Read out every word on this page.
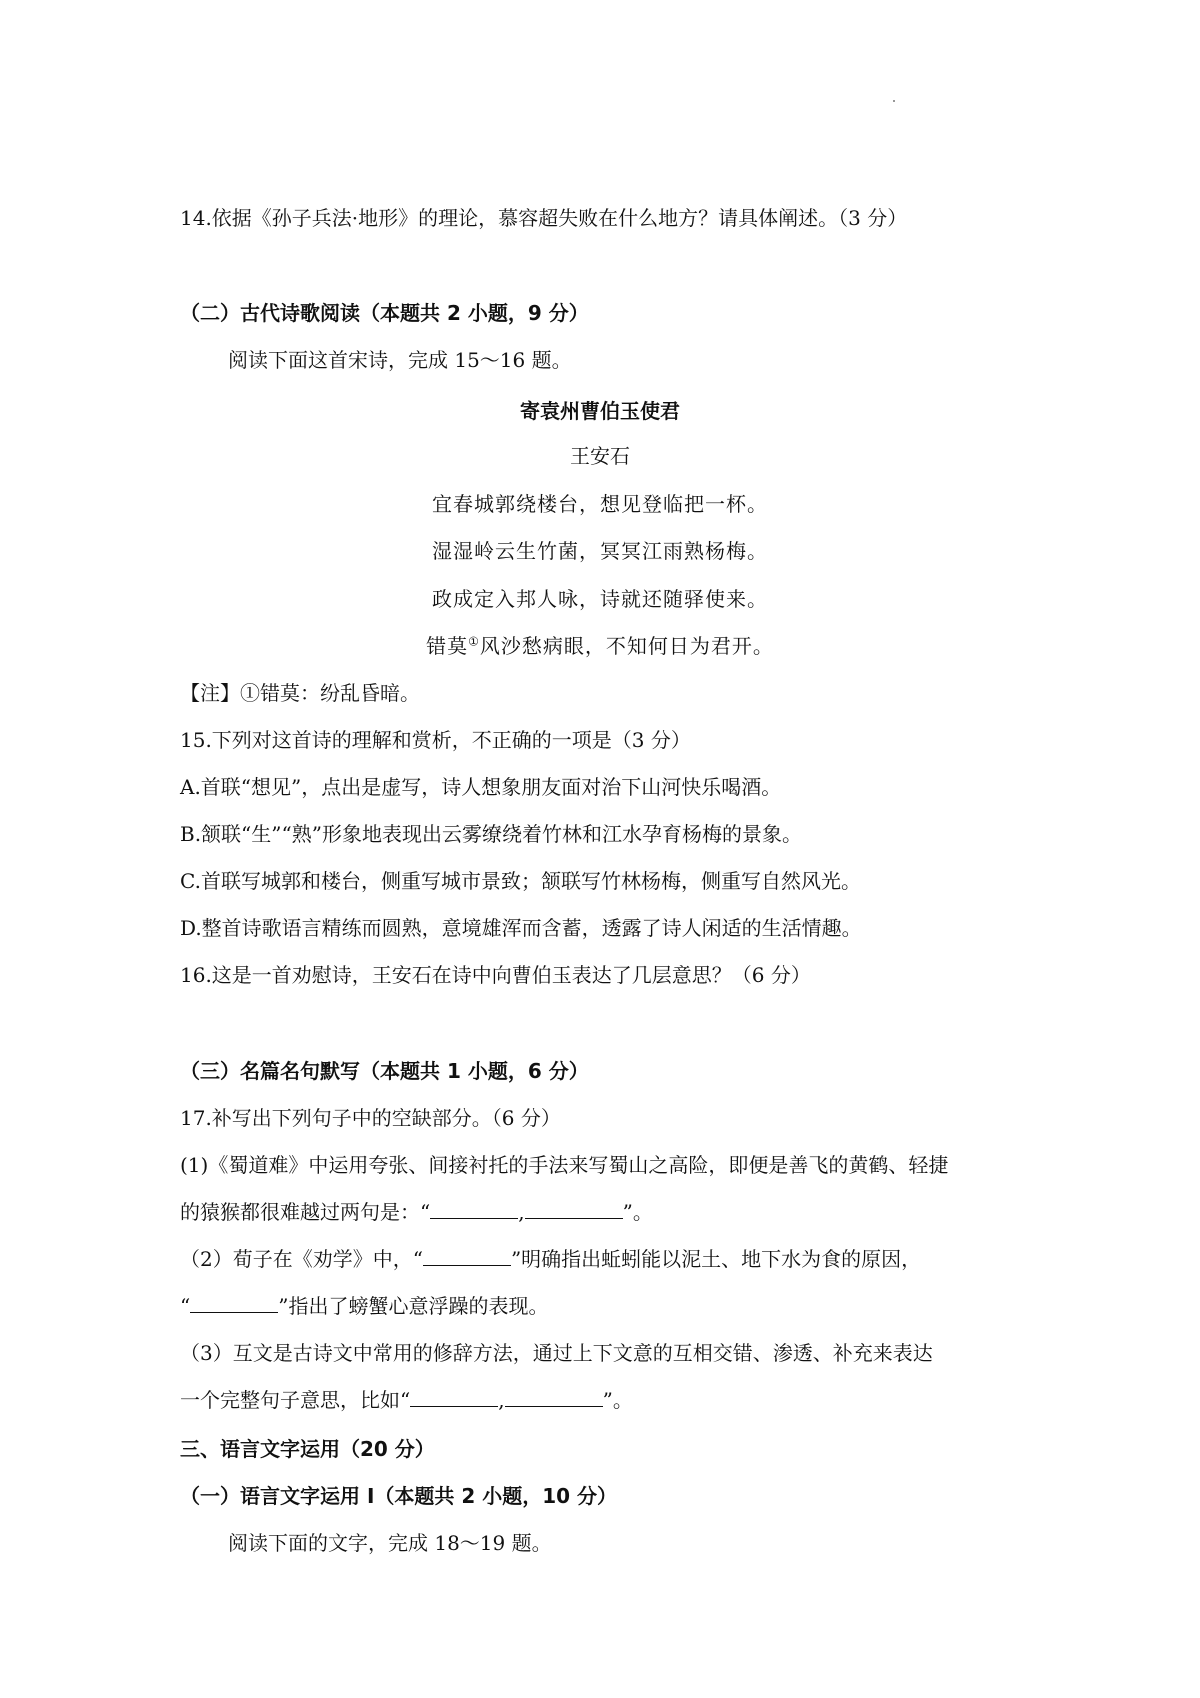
14.依据《孙子兵法·地形》的理论，慕容超失败在什么地方？请具体阐述。（3 分）
（二）古代诗歌阅读（本题共 2 小题，9 分）
阅读下面这首宋诗，完成 15～16 题。
寄袁州曹伯玉使君
王安石
宜春城郭绕楼台，想见登临把一杯。
湿湿岭云生竹菌，冥冥江雨熟杨梅。
政成定入邦人咏，诗就还随驿使来。
错莫①风沙愁病眼，不知何日为君开。
【注】①错莫：纷乱昏暗。
15.下列对这首诗的理解和赏析，不正确的一项是（3 分）
A.首联“想见”，点出是虚写，诗人想象朋友面对治下山河快乐喝酒。
B.颔联“生”“熟”形象地表现出云雾缭绕着竹林和江水孕育杨梅的景象。
C.首联写城郭和楼台，侧重写城市景致；颔联写竹林杨梅，侧重写自然风光。
D.整首诗歌语言精练而圆熟，意境雄浑而含蓄，透露了诗人闲适的生活情趣。
16.这是一首劝慰诗，王安石在诗中向曹伯玉表达了几层意思？（6 分）
（三）名篇名句默写（本题共 1 小题，6 分）
17.补写出下列句子中的空缺部分。（6 分）
(1)《蜀道难》中运用夸张、间接衬托的手法来写蜀山之高险，即便是善飞的黄鹤、轻捷
的猿猴都很难越过两句是：“	,	”。
（2）荀子在《劝学》中，“	”明确指出蚯蚓能以泥土、地下水为食的原因，
“	”指出了螃蟹心意浮躁的表现。
（3）互文是古诗文中常用的修辞方法，通过上下文意的互相交错、渗透、补充来表达
一个完整句子意思，比如“	,	”。
三、语言文字运用（20 分）
（一）语言文字运用 I（本题共 2 小题，10 分）
阅读下面的文字，完成 18～19 题。
